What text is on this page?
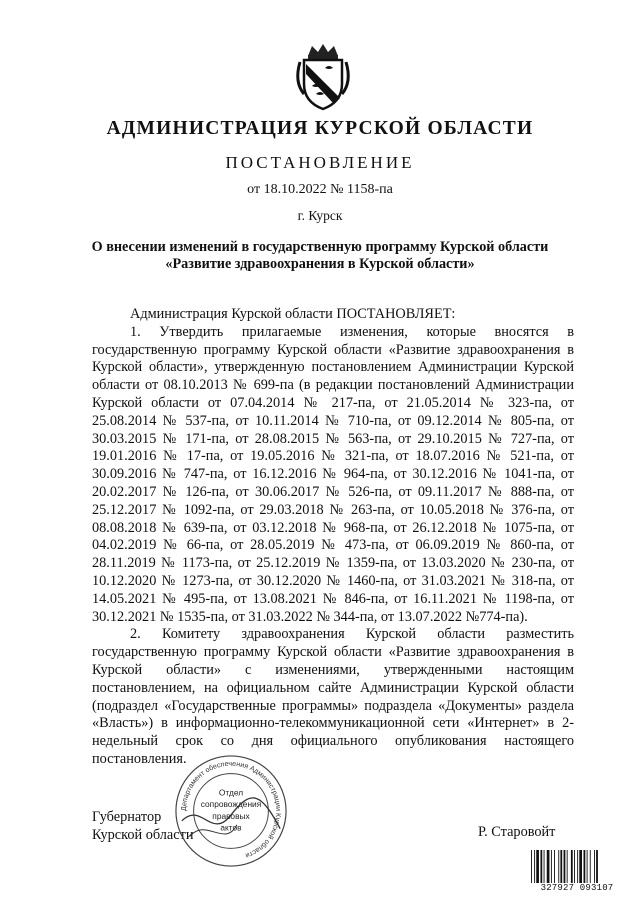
АДМИНИСТРАЦИЯ КУРСКОЙ ОБЛАСТИ
ПОСТАНОВЛЕНИЕ
от 18.10.2022 № 1158-па
г. Курск
О внесении изменений в государственную программу Курской области
«Развитие здравоохранения в Курской области»

Администрация Курской области ПОСТАНОВЛЯЕТ:

1. Утвердить прилагаемые изменения, которые вносятся в государственную программу Курской области «Развитие здравоохранения в Курской области», утвержденную постановлением Администрации Курской области от 08.10.2013 № 699-па (в редакции постановлений Администрации Курской области от 07.04.2014 № 217-па, от 21.05.2014 № 323-па, от 25.08.2014 № 537-па, от 10.11.2014 № 710-па, от 09.12.2014 № 805-па, от 30.03.2015 № 171-па, от 28.08.2015 № 563-па, от 29.10.2015 № 727-па, от 19.01.2016 № 17-па, от 19.05.2016 № 321-па, от 18.07.2016 № 521-па, от 30.09.2016 № 747-па, от 16.12.2016 № 964-па, от 30.12.2016 № 1041-па, от 20.02.2017 № 126-па, от 30.06.2017 № 526-па, от 09.11.2017 № 888-па, от 25.12.2017 № 1092-па, от 29.03.2018 № 263-па, от 10.05.2018 № 376-па, от 08.08.2018 № 639-па, от 03.12.2018 № 968-па, от 26.12.2018 № 1075-па, от 04.02.2019 № 66-па, от 28.05.2019 № 473-па, от 06.09.2019 № 860-па, от 28.11.2019 № 1173-па, от 25.12.2019 № 1359-па, от 13.03.2020 № 230-па, от 10.12.2020 № 1273-па, от 30.12.2020 № 1460-па, от 31.03.2021 № 318-па, от 14.05.2021 № 495-па, от 13.08.2021 № 846-па, от 16.11.2021 № 1198-па, от 30.12.2021 № 1535-па, от 31.03.2022 № 344-па, от 13.07.2022 №774-па).

2. Комитету здравоохранения Курской области разместить государственную программу Курской области «Развитие здравоохранения в Курской области» с изменениями, утвержденными настоящим постановлением, на официальном сайте Администрации Курской области (подраздел «Государственные программы» подраздела «Документы» раздела «Власть») в информационно-телекоммуникационной сети «Интернет» в 2-недельный срок со дня официального опубликования настоящего постановления.

Губернатор
Курской области	Р. Старовойт
Департамент обеспечения Администрации Курской области
Отдел
сопровождения
правовых
актов
327927 093107
